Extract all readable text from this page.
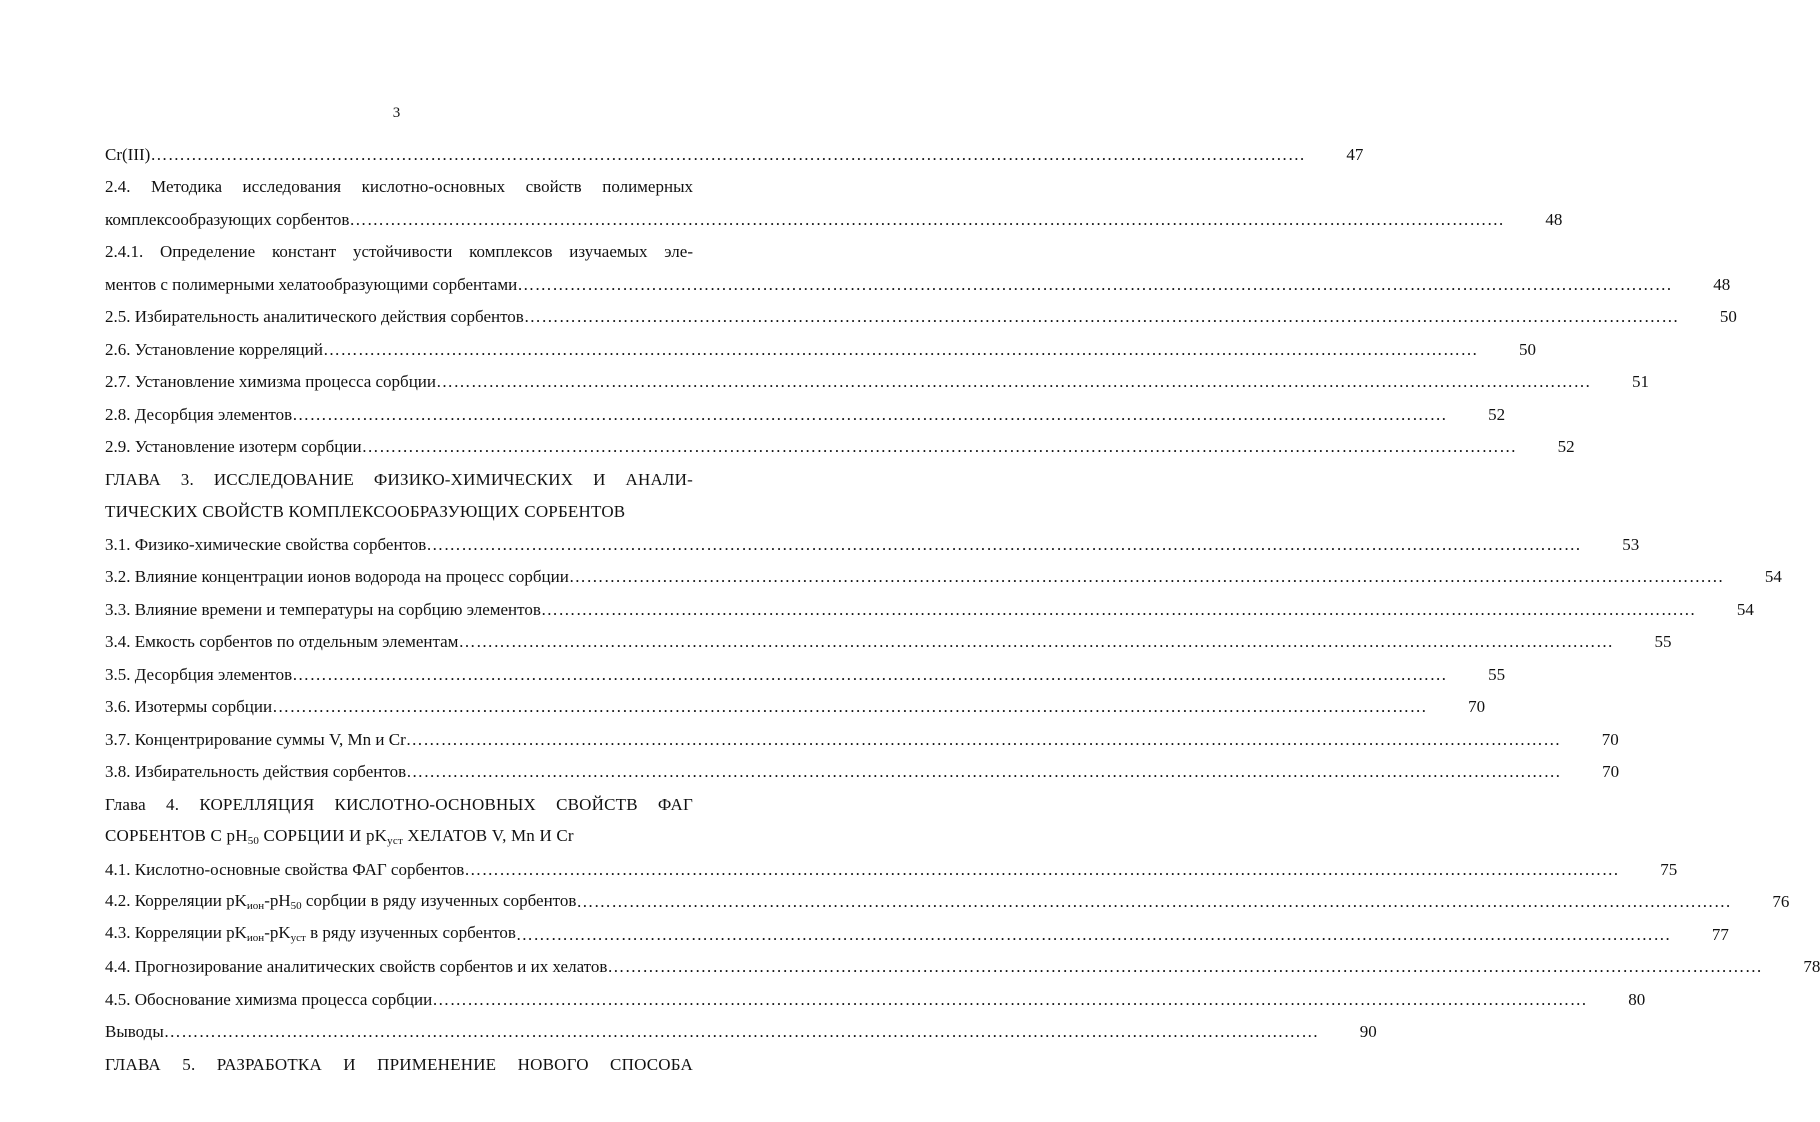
3
Cr(III) ………………………………………………………………………………………………………………………………………………………………………………	47
2.4. Методика исследования кислотно-основных свойств полимерных
комплексообразующих сорбентов ………………………………………………………………………………………………………………………………………………………………………………	48
2.4.1. Определение констант устойчивости комплексов изучаемых эле-
ментов с полимерными хелатообразующими сорбентами ………………………………………………………………………………………………………………………………………………………………………………	48
2.5. Избирательность аналитического действия сорбентов ………………………………………………………………………………………………………………………………………………………………………………	50
2.6. Установление корреляций ………………………………………………………………………………………………………………………………………………………………………………	50
2.7. Установление химизма процесса сорбции ………………………………………………………………………………………………………………………………………………………………………………	51
2.8. Десорбция элементов ………………………………………………………………………………………………………………………………………………………………………………	52
2.9. Установление изотерм сорбции ………………………………………………………………………………………………………………………………………………………………………………	52
ГЛАВА 3. ИССЛЕДОВАНИЕ ФИЗИКО-ХИМИЧЕСКИХ И АНАЛИ-
ТИЧЕСКИХ СВОЙСТВ КОМПЛЕКСООБРАЗУЮЩИХ СОРБЕНТОВ
3.1. Физико-химические свойства сорбентов ………………………………………………………………………………………………………………………………………………………………………………	53
3.2. Влияние концентрации ионов водорода на процесс сорбции ………………………………………………………………………………………………………………………………………………………………………………	54
3.3. Влияние времени и температуры на сорбцию элементов ………………………………………………………………………………………………………………………………………………………………………………	54
3.4. Емкость сорбентов по отдельным элементам ………………………………………………………………………………………………………………………………………………………………………………	55
3.5. Десорбция элементов ………………………………………………………………………………………………………………………………………………………………………………	55
3.6. Изотермы сорбции ………………………………………………………………………………………………………………………………………………………………………………	70
3.7. Концентрирование суммы V, Mn и Cr ………………………………………………………………………………………………………………………………………………………………………………	70
3.8. Избирательность действия сорбентов ………………………………………………………………………………………………………………………………………………………………………………	70
Глава 4. КОРЕЛЛЯЦИЯ КИСЛОТНО-ОСНОВНЫХ СВОЙСТВ ФАГ
СОРБЕНТОВ С $pH_{50}$ СОРБЦИИ И $pK_{уст}$ ХЕЛАТОВ V, Mn И Cr
4.1. Кислотно-основные свойства ФАГ сорбентов ………………………………………………………………………………………………………………………………………………………………………………	75
4.2. Корреляции $pK_{ион}-pH_{50}$ сорбции в ряду изученных сорбентов ………………………………………………………………………………………………………………………………………………………………………………	76
4.3. Корреляции $pK_{ион}-pK_{уст}$ в ряду изученных сорбентов ………………………………………………………………………………………………………………………………………………………………………………	77
4.4. Прогнозирование аналитических свойств сорбентов и их хелатов ………………………………………………………………………………………………………………………………………………………………………………	78
4.5. Обоснование химизма процесса сорбции ………………………………………………………………………………………………………………………………………………………………………………	80
Выводы ………………………………………………………………………………………………………………………………………………………………………………	90
ГЛАВА 5. РАЗРАБОТКА И ПРИМЕНЕНИЕ НОВОГО СПОСОБА
